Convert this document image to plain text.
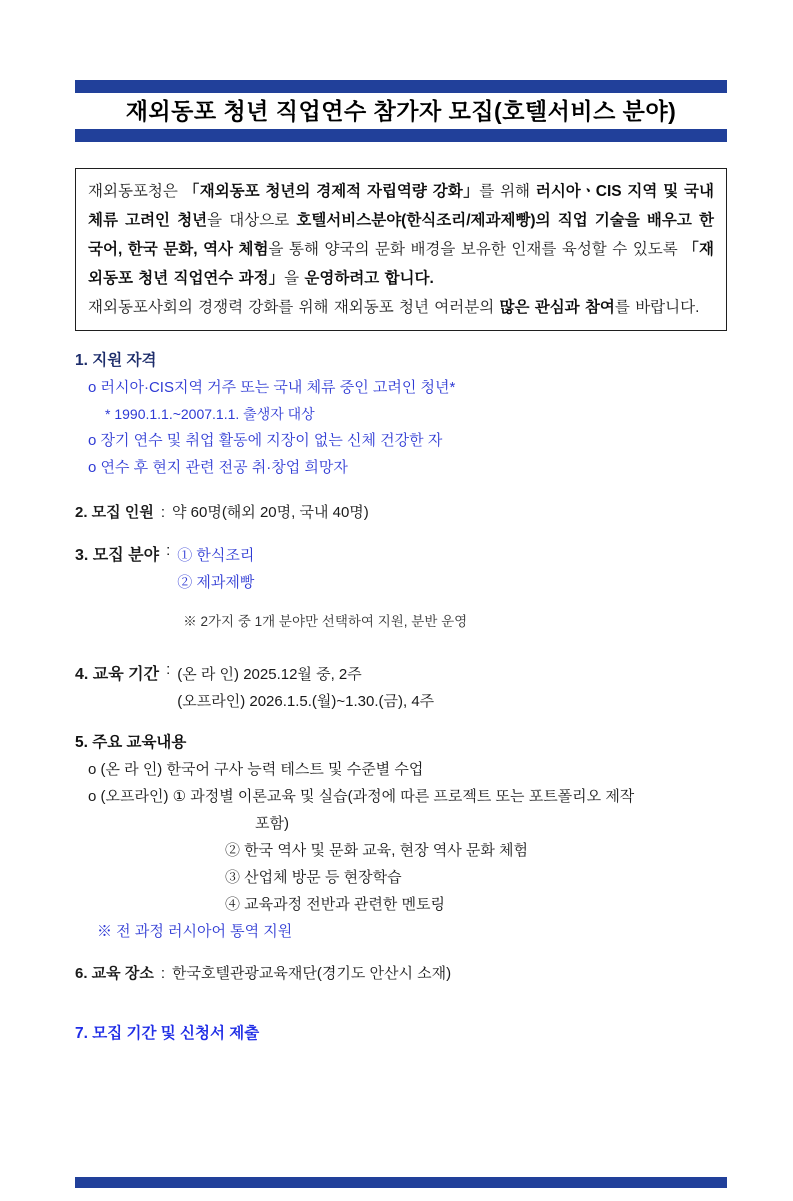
재외동포 청년 직업연수 참가자 모집(호텔서비스 분야)

재외동포청은 「재외동포 청년의 경제적 자립역량 강화」를 위해 러시아ㆍCIS 지역 및 국내 체류 고려인 청년을 대상으로 호텔서비스분야(한식조리/제과제빵)의 직업 기술을 배우고 한국어, 한국 문화, 역사 체험을 통해 양국의 문화 배경을 보유한 인재를 육성할 수 있도록 「재외동포 청년 직업연수 과정」을 운영하려고 합니다.
재외동포사회의 경쟁력 강화를 위해 재외동포 청년 여러분의 많은 관심과 참여를 바랍니다.

1. 지원 자격

o 러시아·CIS지역 거주 또는 국내 체류 중인 고려인 청년*

* 1990.1.1.~2007.1.1. 출생자 대상

o 장기 연수 및 취업 활동에 지장이 없는 신체 건강한 자

o 연수 후 현지 관련 전공 취·창업 희망자

2. 모집 인원 : 약 60명(해외 20명, 국내 40명)

3. 모집 분야 : ① 한식조리

② 제과제빵

※ 2가지 중 1개 분야만 선택하여 지원, 분반 운영

4. 교육 기간 : (온 라 인) 2025.12월 중, 2주

(오프라인) 2026.1.5.(월)~1.30.(금), 4주

5. 주요 교육내용

o (온 라 인) 한국어 구사 능력 테스트 및 수준별 수업

o (오프라인) ① 과정별 이론교육 및 실습(과정에 따른 프로젝트 또는 포트폴리오 제작

포함)

② 한국 역사 및 문화 교육, 현장 역사 문화 체험

③ 산업체 방문 등 현장학습

④ 교육과정 전반과 관련한 멘토링

※ 전 과정 러시아어 통역 지원

6. 교육 장소 : 한국호텔관광교육재단(경기도 안산시 소재)

7. 모집 기간 및 신청서 제출
